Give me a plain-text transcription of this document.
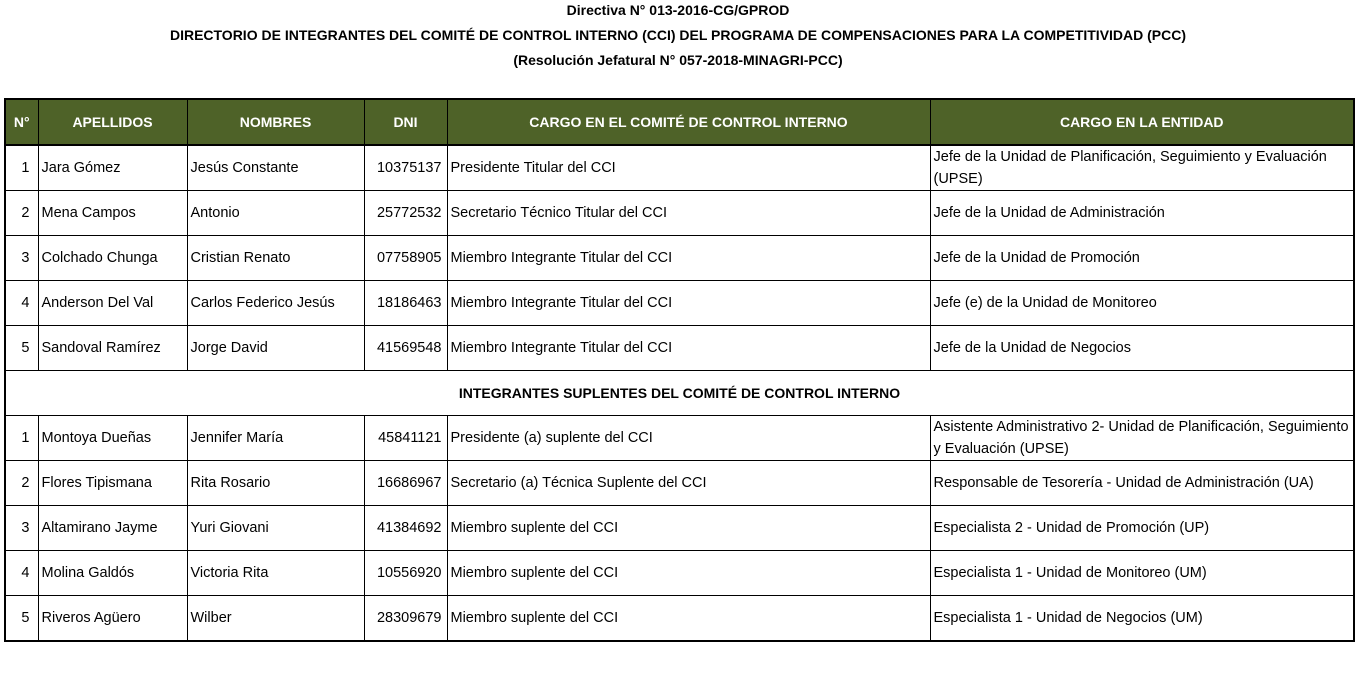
Directiva N° 013-2016-CG/GPROD
DIRECTORIO DE INTEGRANTES DEL COMITÉ DE CONTROL INTERNO (CCI) DEL PROGRAMA DE COMPENSACIONES PARA LA COMPETITIVIDAD (PCC)
(Resolución Jefatural N° 057-2018-MINAGRI-PCC)
N°	APELLIDOS	NOMBRES	DNI	CARGO EN EL COMITÉ DE CONTROL INTERNO	CARGO EN LA ENTIDAD
1	Jara Gómez	Jesús Constante	10375137	Presidente Titular del CCI	Jefe de la Unidad de Planificación, Seguimiento y Evaluación (UPSE)
2	Mena Campos	Antonio	25772532	Secretario Técnico Titular del CCI	Jefe de la Unidad de Administración
3	Colchado Chunga	Cristian Renato	07758905	Miembro Integrante Titular del CCI	Jefe de la Unidad de Promoción
4	Anderson Del Val	Carlos Federico Jesús	18186463	Miembro Integrante Titular del CCI	Jefe (e) de la Unidad de Monitoreo
5	Sandoval Ramírez	Jorge David	41569548	Miembro Integrante Titular del CCI	Jefe de la Unidad de Negocios
INTEGRANTES SUPLENTES DEL COMITÉ DE CONTROL INTERNO					
1	Montoya Dueñas	Jennifer María	45841121	Presidente (a) suplente del CCI	Asistente Administrativo 2- Unidad de Planificación, Seguimiento y Evaluación (UPSE)
2	Flores Tipismana	Rita Rosario	16686967	Secretario (a) Técnica Suplente del CCI	Responsable de Tesorería - Unidad de Administración (UA)
3	Altamirano Jayme	Yuri Giovani	41384692	Miembro suplente del CCI	Especialista 2 - Unidad de Promoción (UP)
4	Molina Galdós	Victoria Rita	10556920	Miembro suplente del CCI	Especialista 1 - Unidad de Monitoreo (UM)
5	Riveros Agüero	Wilber	28309679	Miembro suplente del CCI	Especialista 1 - Unidad de Negocios (UM)
